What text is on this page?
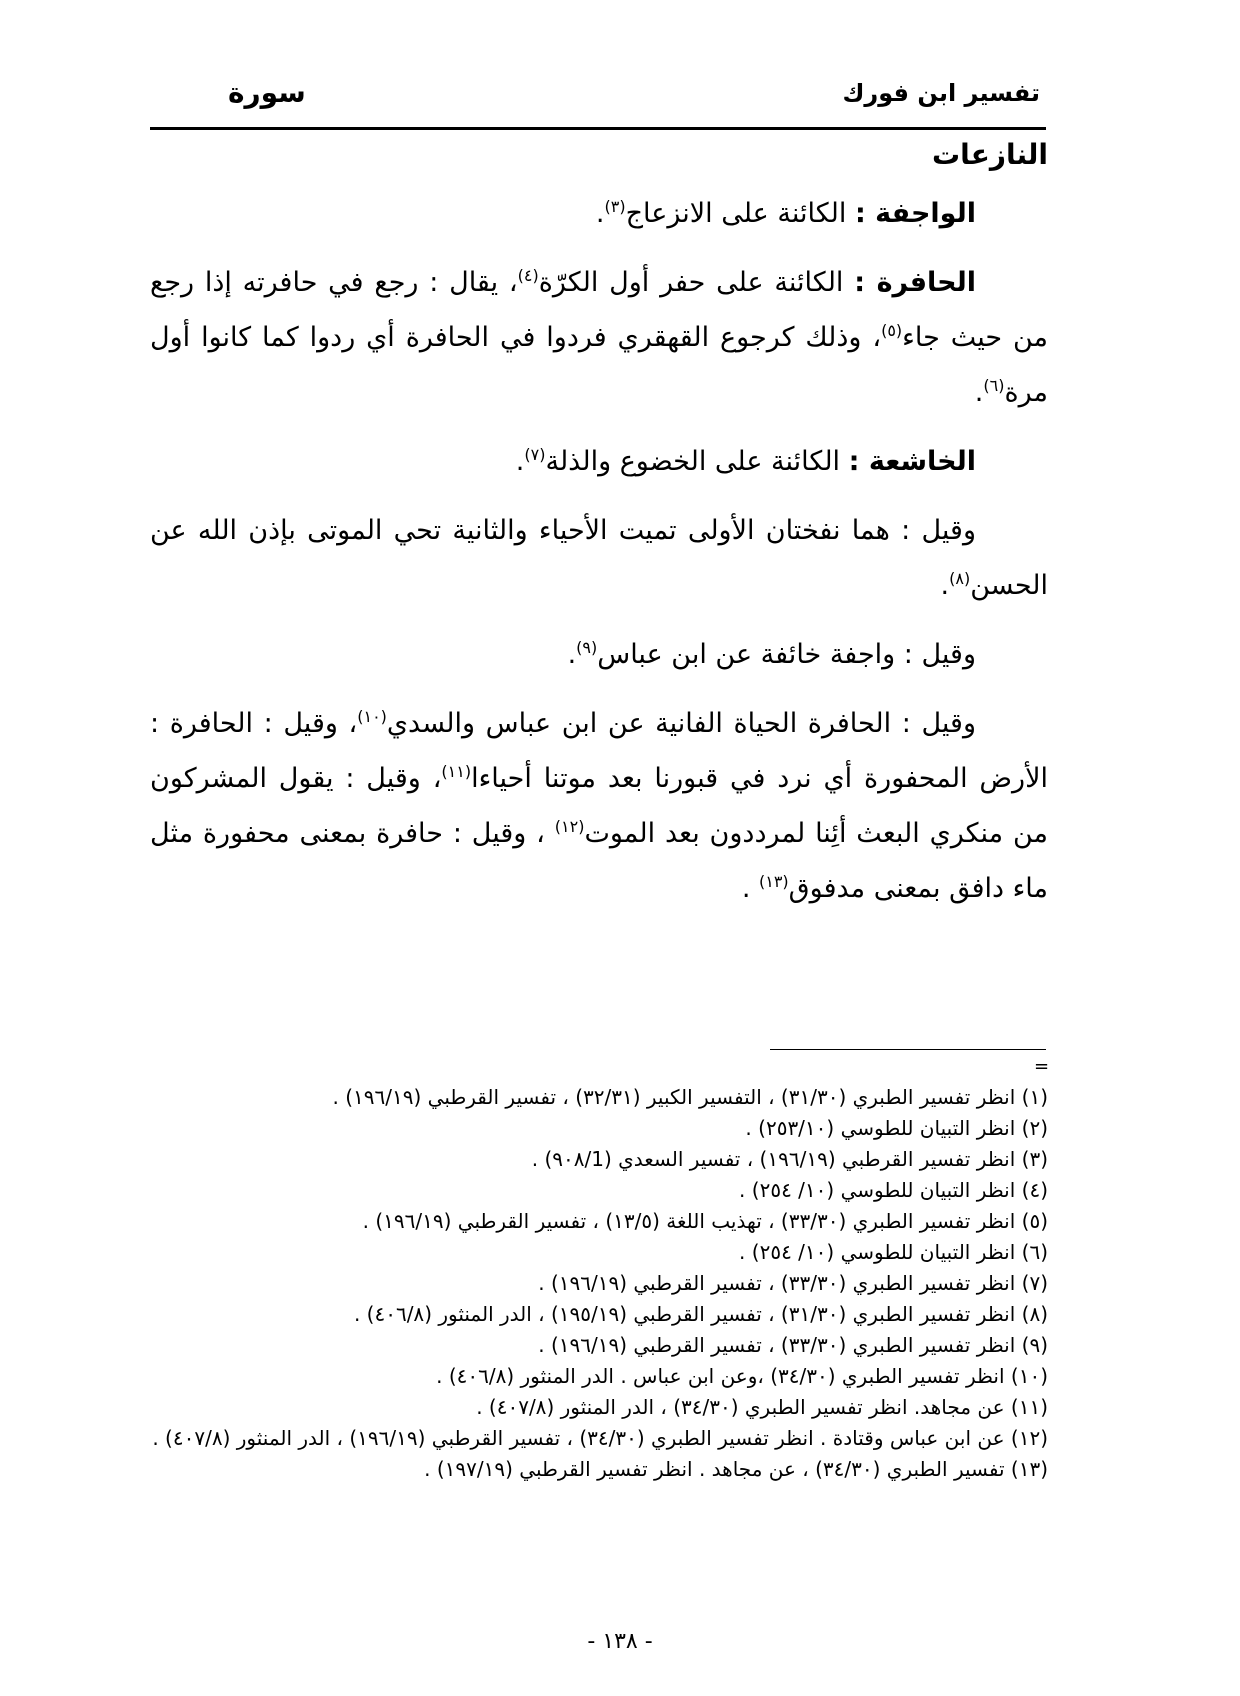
تفسير ابن فورك
سورة
النازعات

الواجفة : الكائنة على الانزعاج$^{(٣)}$.

الحافرة : الكائنة على حفر أول الكرّة$^{(٤)}$، يقال : رجع في حافرته إذا رجع من حيث جاء$^{(٥)}$، وذلك كرجوع القهقري فردوا في الحافرة أي ردوا كما كانوا أول مرة$^{(٦)}$.

الخاشعة : الكائنة على الخضوع والذلة$^{(٧)}$.

وقيل : هما نفختان الأولى تميت الأحياء والثانية تحي الموتى بإذن الله عن الحسن$^{(٨)}$.

وقيل : واجفة خائفة عن ابن عباس$^{(٩)}$.

وقيل : الحافرة الحياة الفانية عن ابن عباس والسدي$^{(١٠)}$، وقيل : الحافرة : الأرض المحفورة أي نرد في قبورنا بعد موتنا أحياءا$^{(١١)}$، وقيل : يقول المشركون من منكري البعث أئِنا لمرددون بعد الموت$^{(١٢)}$ ، وقيل : حافرة بمعنى محفورة مثل ماء دافق بمعنى مدفوق$^{(١٣)}$ .

=

(١) انظر تفسير الطبري (٣١/٣٠) ، التفسير الكبير (٣٢/٣١) ، تفسير القرطبي (١٩٦/١٩) .

(٢) انظر التبيان للطوسي (٢٥٣/١٠) .

(٣) انظر تفسير القرطبي (١٩٦/١٩) ، تفسير السعدي (٩٠٨/1) .

(٤) انظر التبيان للطوسي (١٠/ ٢٥٤) .

(٥) انظر تفسير الطبري (٣٣/٣٠) ، تهذيب اللغة (١٣/٥) ، تفسير القرطبي (١٩٦/١٩) .

(٦) انظر التبيان للطوسي (١٠/ ٢٥٤) .

(٧) انظر تفسير الطبري (٣٣/٣٠) ، تفسير القرطبي (١٩٦/١٩) .

(٨) انظر تفسير الطبري (٣١/٣٠) ، تفسير القرطبي (١٩٥/١٩) ، الدر المنثور (٤٠٦/٨) .

(٩) انظر تفسير الطبري (٣٣/٣٠) ، تفسير القرطبي (١٩٦/١٩) .

(١٠) انظر تفسير الطبري (٣٤/٣٠) ،وعن ابن عباس . الدر المنثور (٤٠٦/٨) .

(١١) عن مجاهد. انظر تفسير الطبري (٣٤/٣٠) ، الدر المنثور (٤٠٧/٨) .

(١٢) عن ابن عباس وقتادة . انظر تفسير الطبري (٣٤/٣٠) ، تفسير القرطبي (١٩٦/١٩) ، الدر المنثور (٤٠٧/٨) .

(١٣) تفسير الطبري (٣٤/٣٠) ، عن مجاهد . انظر تفسير القرطبي (١٩٧/١٩) .

- ١٣٨ -
